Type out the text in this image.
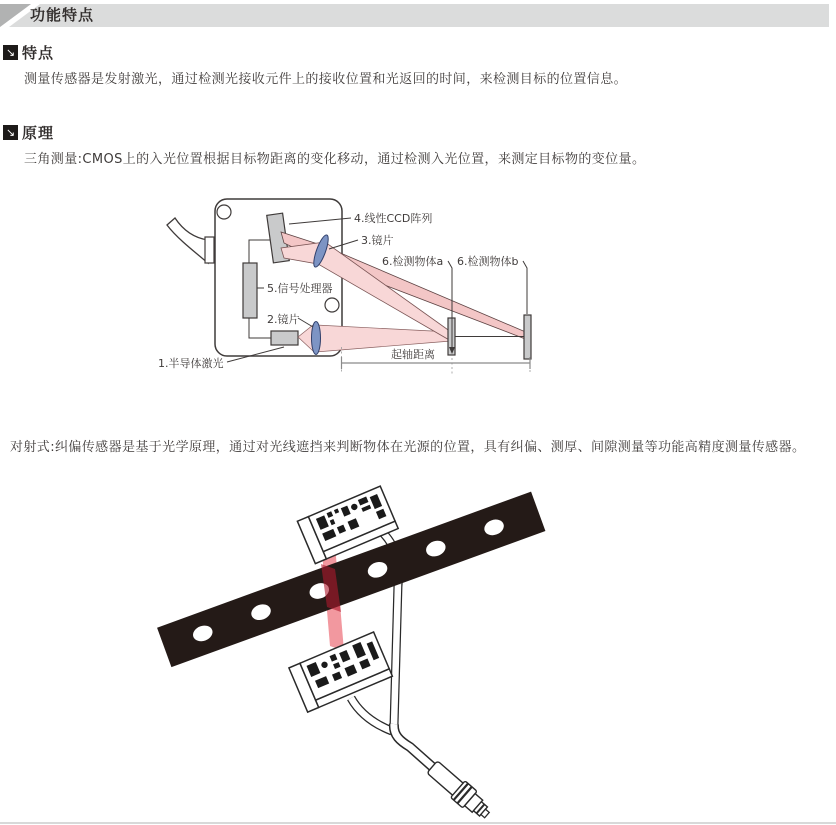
功能特点
↘ 特点
测量传感器是发射激光，通过检测光接收元件上的接收位置和光返回的时间，来检测目标的位置信息。
↘ 原理
三角测量:CMOS上的入光位置根据目标物距离的变化移动，通过检测入光位置，来测定目标物的变位量。
4.线性CCD阵列
3.镜片
6.检测物体a 6.检测物体b
5.信号处理器
2.镜片
1.半导体激光
起轴距离
对射式:纠偏传感器是基于光学原理，通过对光线遮挡来判断物体在光源的位置，具有纠偏、测厚、间隙测量等功能高精度测量传感器。
